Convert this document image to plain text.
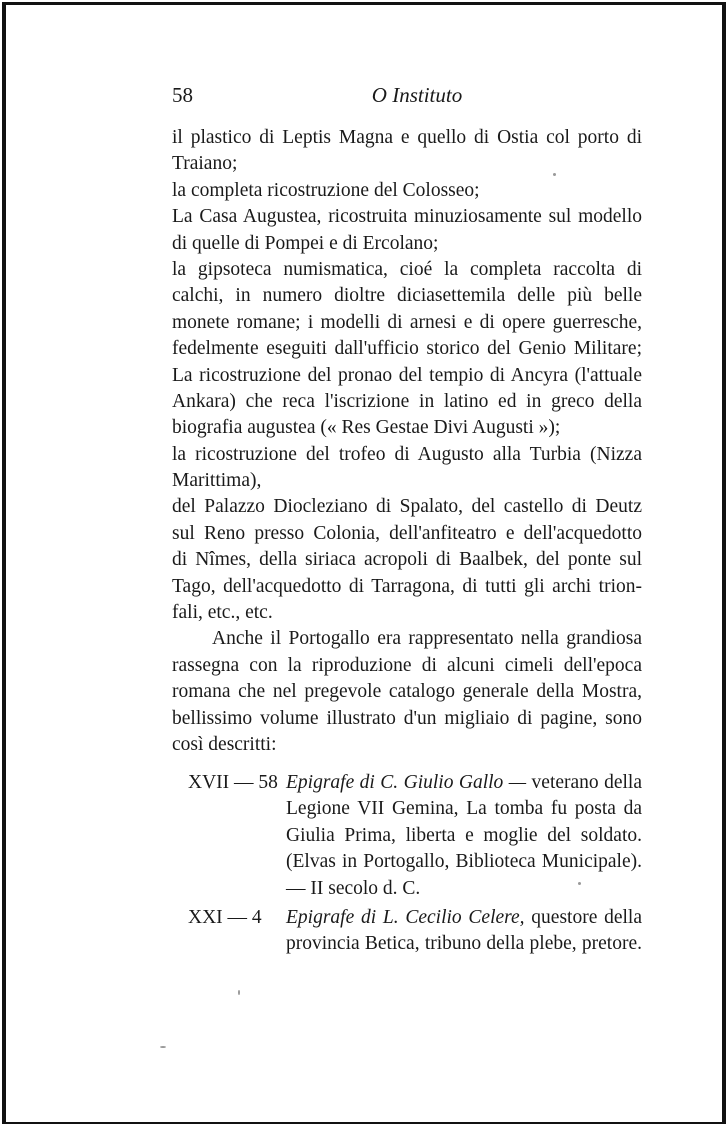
58	O Instituto
il plastico di Leptis Magna e quello di Ostia col porto di
Traiano;
la completa ricostruzione del Colosseo;
La Casa Augustea, ricostruita minuziosamente sul modello
di quelle di Pompei e di Ercolano;
la gipsoteca numismatica, cioé la completa raccolta di
calchi, in numero dioltre diciasettemila delle più belle
monete romane; i modelli di arnesi e di opere guerresche,
fedelmente eseguiti dall'ufficio storico del Genio Militare;
La ricostruzione del pronao del tempio di Ancyra (l'attuale
Ankara) che reca l'iscrizione in latino ed in greco della
biografia augustea (« Res Gestae Divi Augusti »);
la ricostruzione del trofeo di Augusto alla Turbia (Nizza
Marittima),
del Palazzo Diocleziano di Spalato, del castello di Deutz
sul Reno presso Colonia, dell'anfiteatro e dell'acquedotto
di Nîmes, della siriaca acropoli di Baalbek, del ponte sul
Tago, dell'acquedotto di Tarragona, di tutti gli archi trion-
fali, etc., etc.
Anche il Portogallo era rappresentato nella grandiosa
rassegna con la riproduzione di alcuni cimeli dell'epoca
romana che nel pregevole catalogo generale della Mostra,
bellissimo volume illustrato d'un migliaio di pagine, sono
così descritti:
XVII — 58 Epigrafe di C. Giulio Gallo — veterano della
Legione VII Gemina, La tomba fu posta da
Giulia Prima, liberta e moglie del soldato.
(Elvas in Portogallo, Biblioteca Municipale).
— II secolo d. C.
XXI — 4 Epigrafe di L. Cecilio Celere, questore della
provincia Betica, tribuno della plebe, pretore.
